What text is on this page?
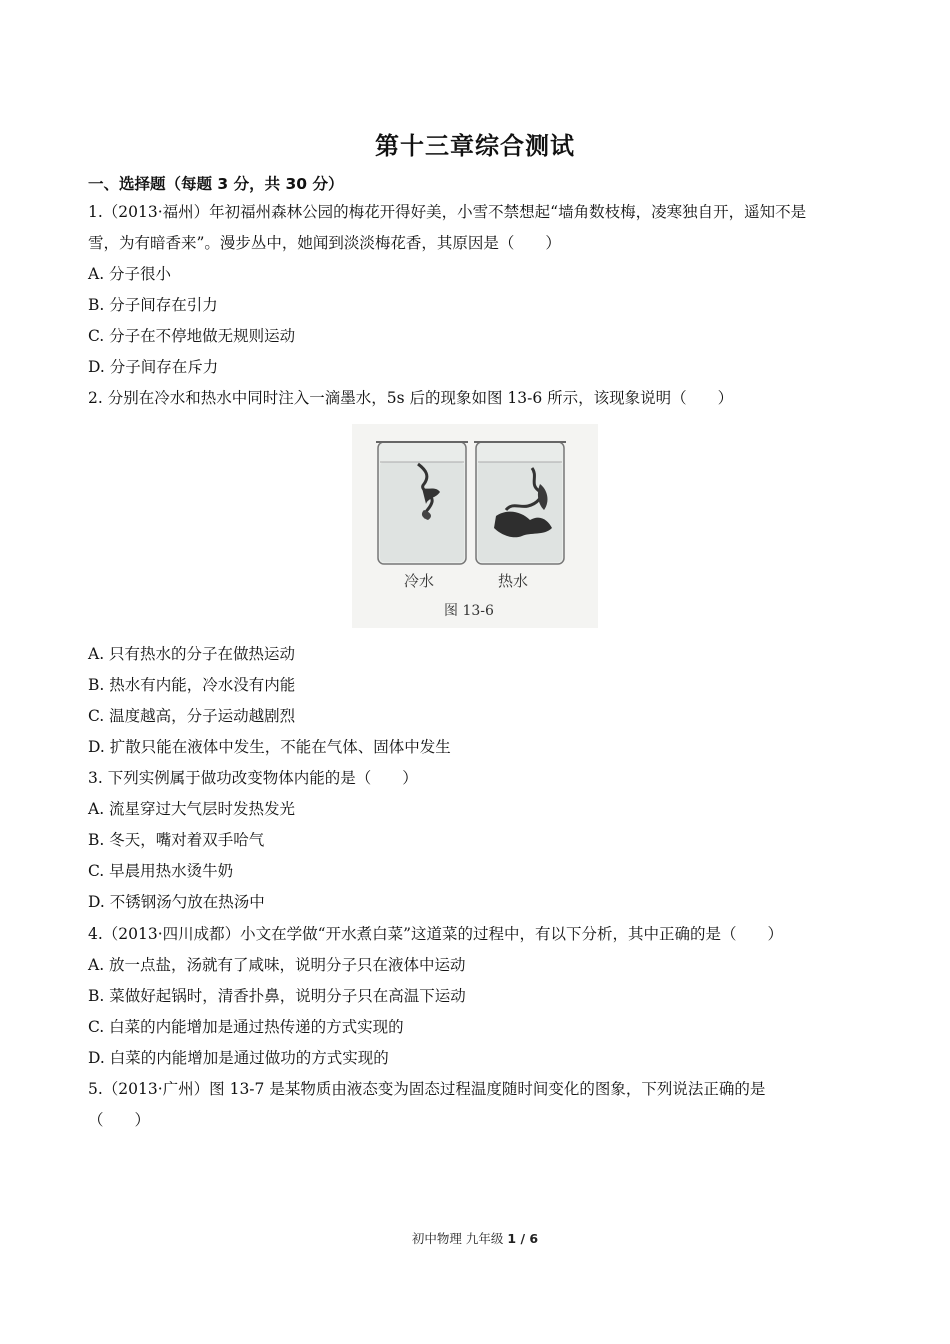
第十三章综合测试
一、选择题（每题 3 分，共 30 分）
1.（2013·福州）年初福州森林公园的梅花开得好美，小雪不禁想起“墙角数枝梅，凌寒独自开，遥知不是
雪，为有暗香来”。漫步丛中，她闻到淡淡梅花香，其原因是（　　）
A. 分子很小
B. 分子间存在引力
C. 分子在不停地做无规则运动
D. 分子间存在斥力
2. 分别在冷水和热水中同时注入一滴墨水，5s 后的现象如图 13-6 所示，该现象说明（　　）
冷水	热水
图 13-6
A. 只有热水的分子在做热运动
B. 热水有内能，冷水没有内能
C. 温度越高，分子运动越剧烈
D. 扩散只能在液体中发生，不能在气体、固体中发生
3. 下列实例属于做功改变物体内能的是（　　）
A. 流星穿过大气层时发热发光
B. 冬天，嘴对着双手哈气
C. 早晨用热水烫牛奶
D. 不锈钢汤勺放在热汤中
4.（2013·四川成都）小文在学做“开水煮白菜”这道菜的过程中，有以下分析，其中正确的是（　　）
A. 放一点盐，汤就有了咸味，说明分子只在液体中运动
B. 菜做好起锅时，清香扑鼻，说明分子只在高温下运动
C. 白菜的内能增加是通过热传递的方式实现的
D. 白菜的内能增加是通过做功的方式实现的
5.（2013·广州）图 13-7 是某物质由液态变为固态过程温度随时间变化的图象，下列说法正确的是
（　　）
初中物理 九年级 1 / 6
